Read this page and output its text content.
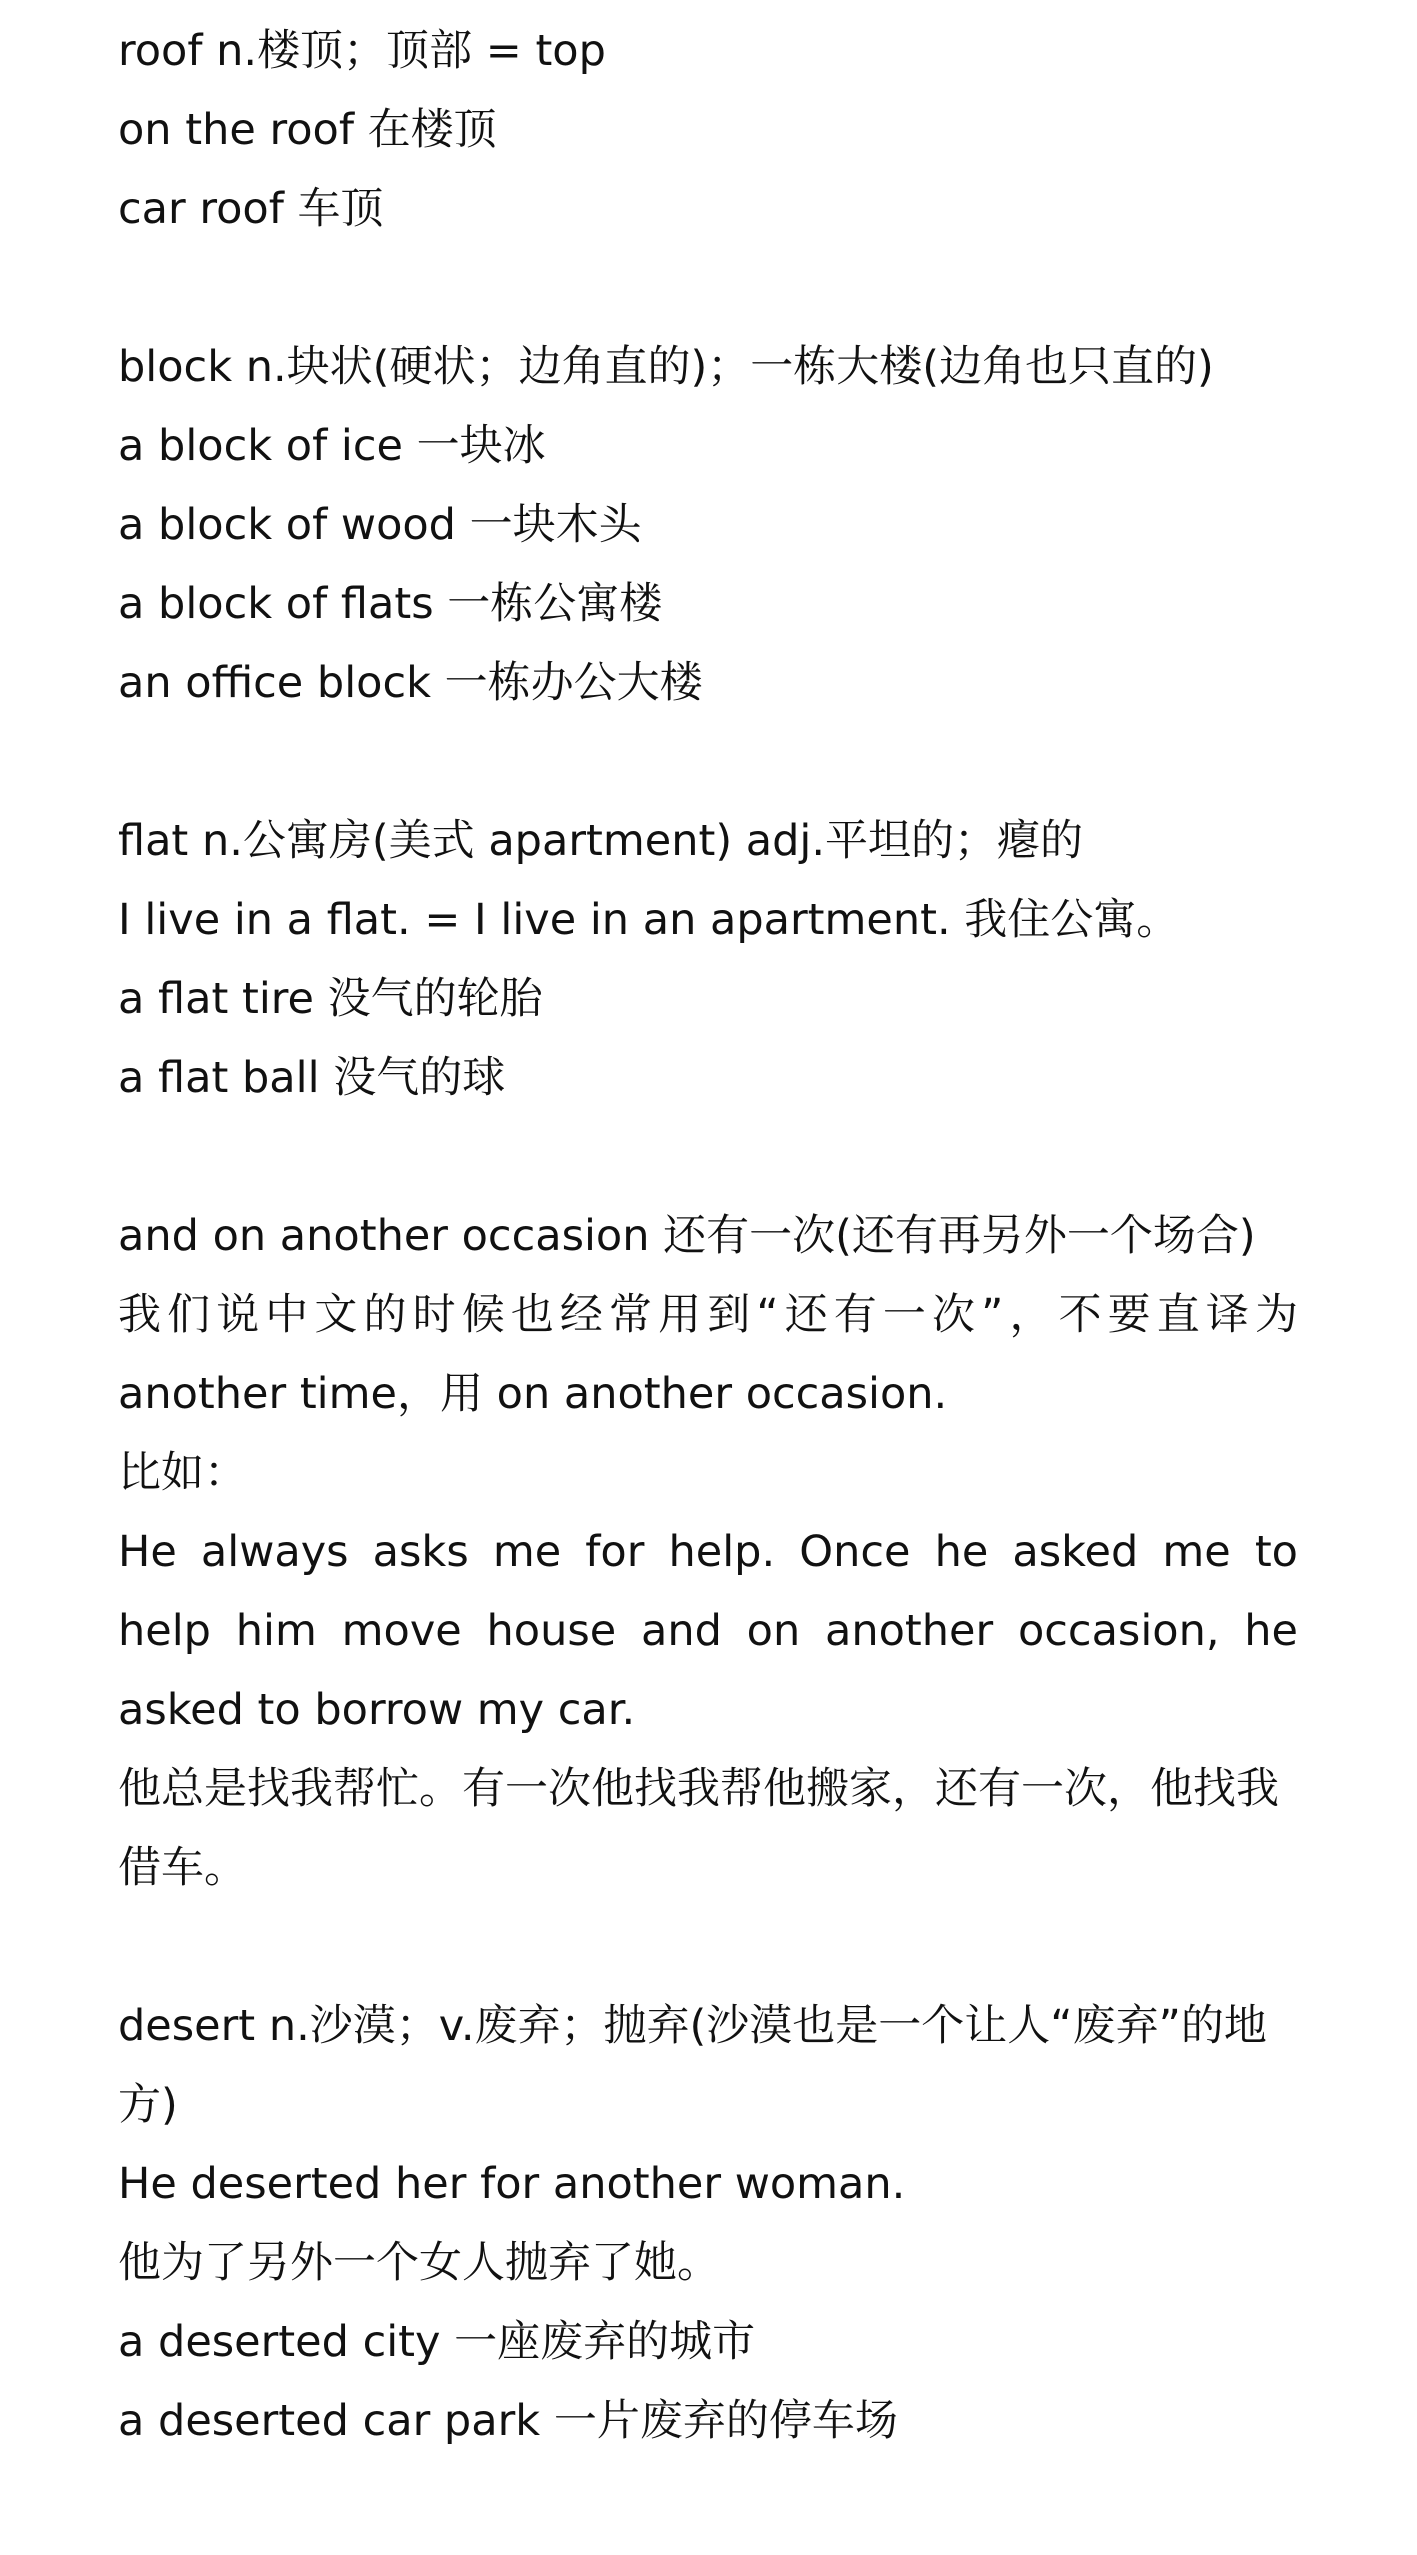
roof n.楼顶；顶部 = top
on the roof 在楼顶
car roof 车顶
block n.块状(硬状；边角直的)；一栋大楼(边角也只直的)
a block of ice 一块冰
a block of wood 一块木头
a block of flats 一栋公寓楼
an office block 一栋办公大楼
flat n.公寓房(美式 apartment) adj.平坦的；瘪的
I live in a flat. = I live in an apartment. 我住公寓。
a flat tire 没气的轮胎
a flat ball 没气的球
and on another occasion 还有一次(还有再另外一个场合)
我们说中文的时候也经常用到“还有一次”，不要直译为 another time，用 on another occasion.
比如：
He always asks me for help. Once he asked me to help him move house and on another occasion, he asked to borrow my car.
他总是找我帮忙。有一次他找我帮他搬家，还有一次，他找我借车。
desert n.沙漠；v.废弃；抛弃(沙漠也是一个让人“废弃”的地方)
He deserted her for another woman.
他为了另外一个女人抛弃了她。
a deserted city 一座废弃的城市
a deserted car park 一片废弃的停车场
